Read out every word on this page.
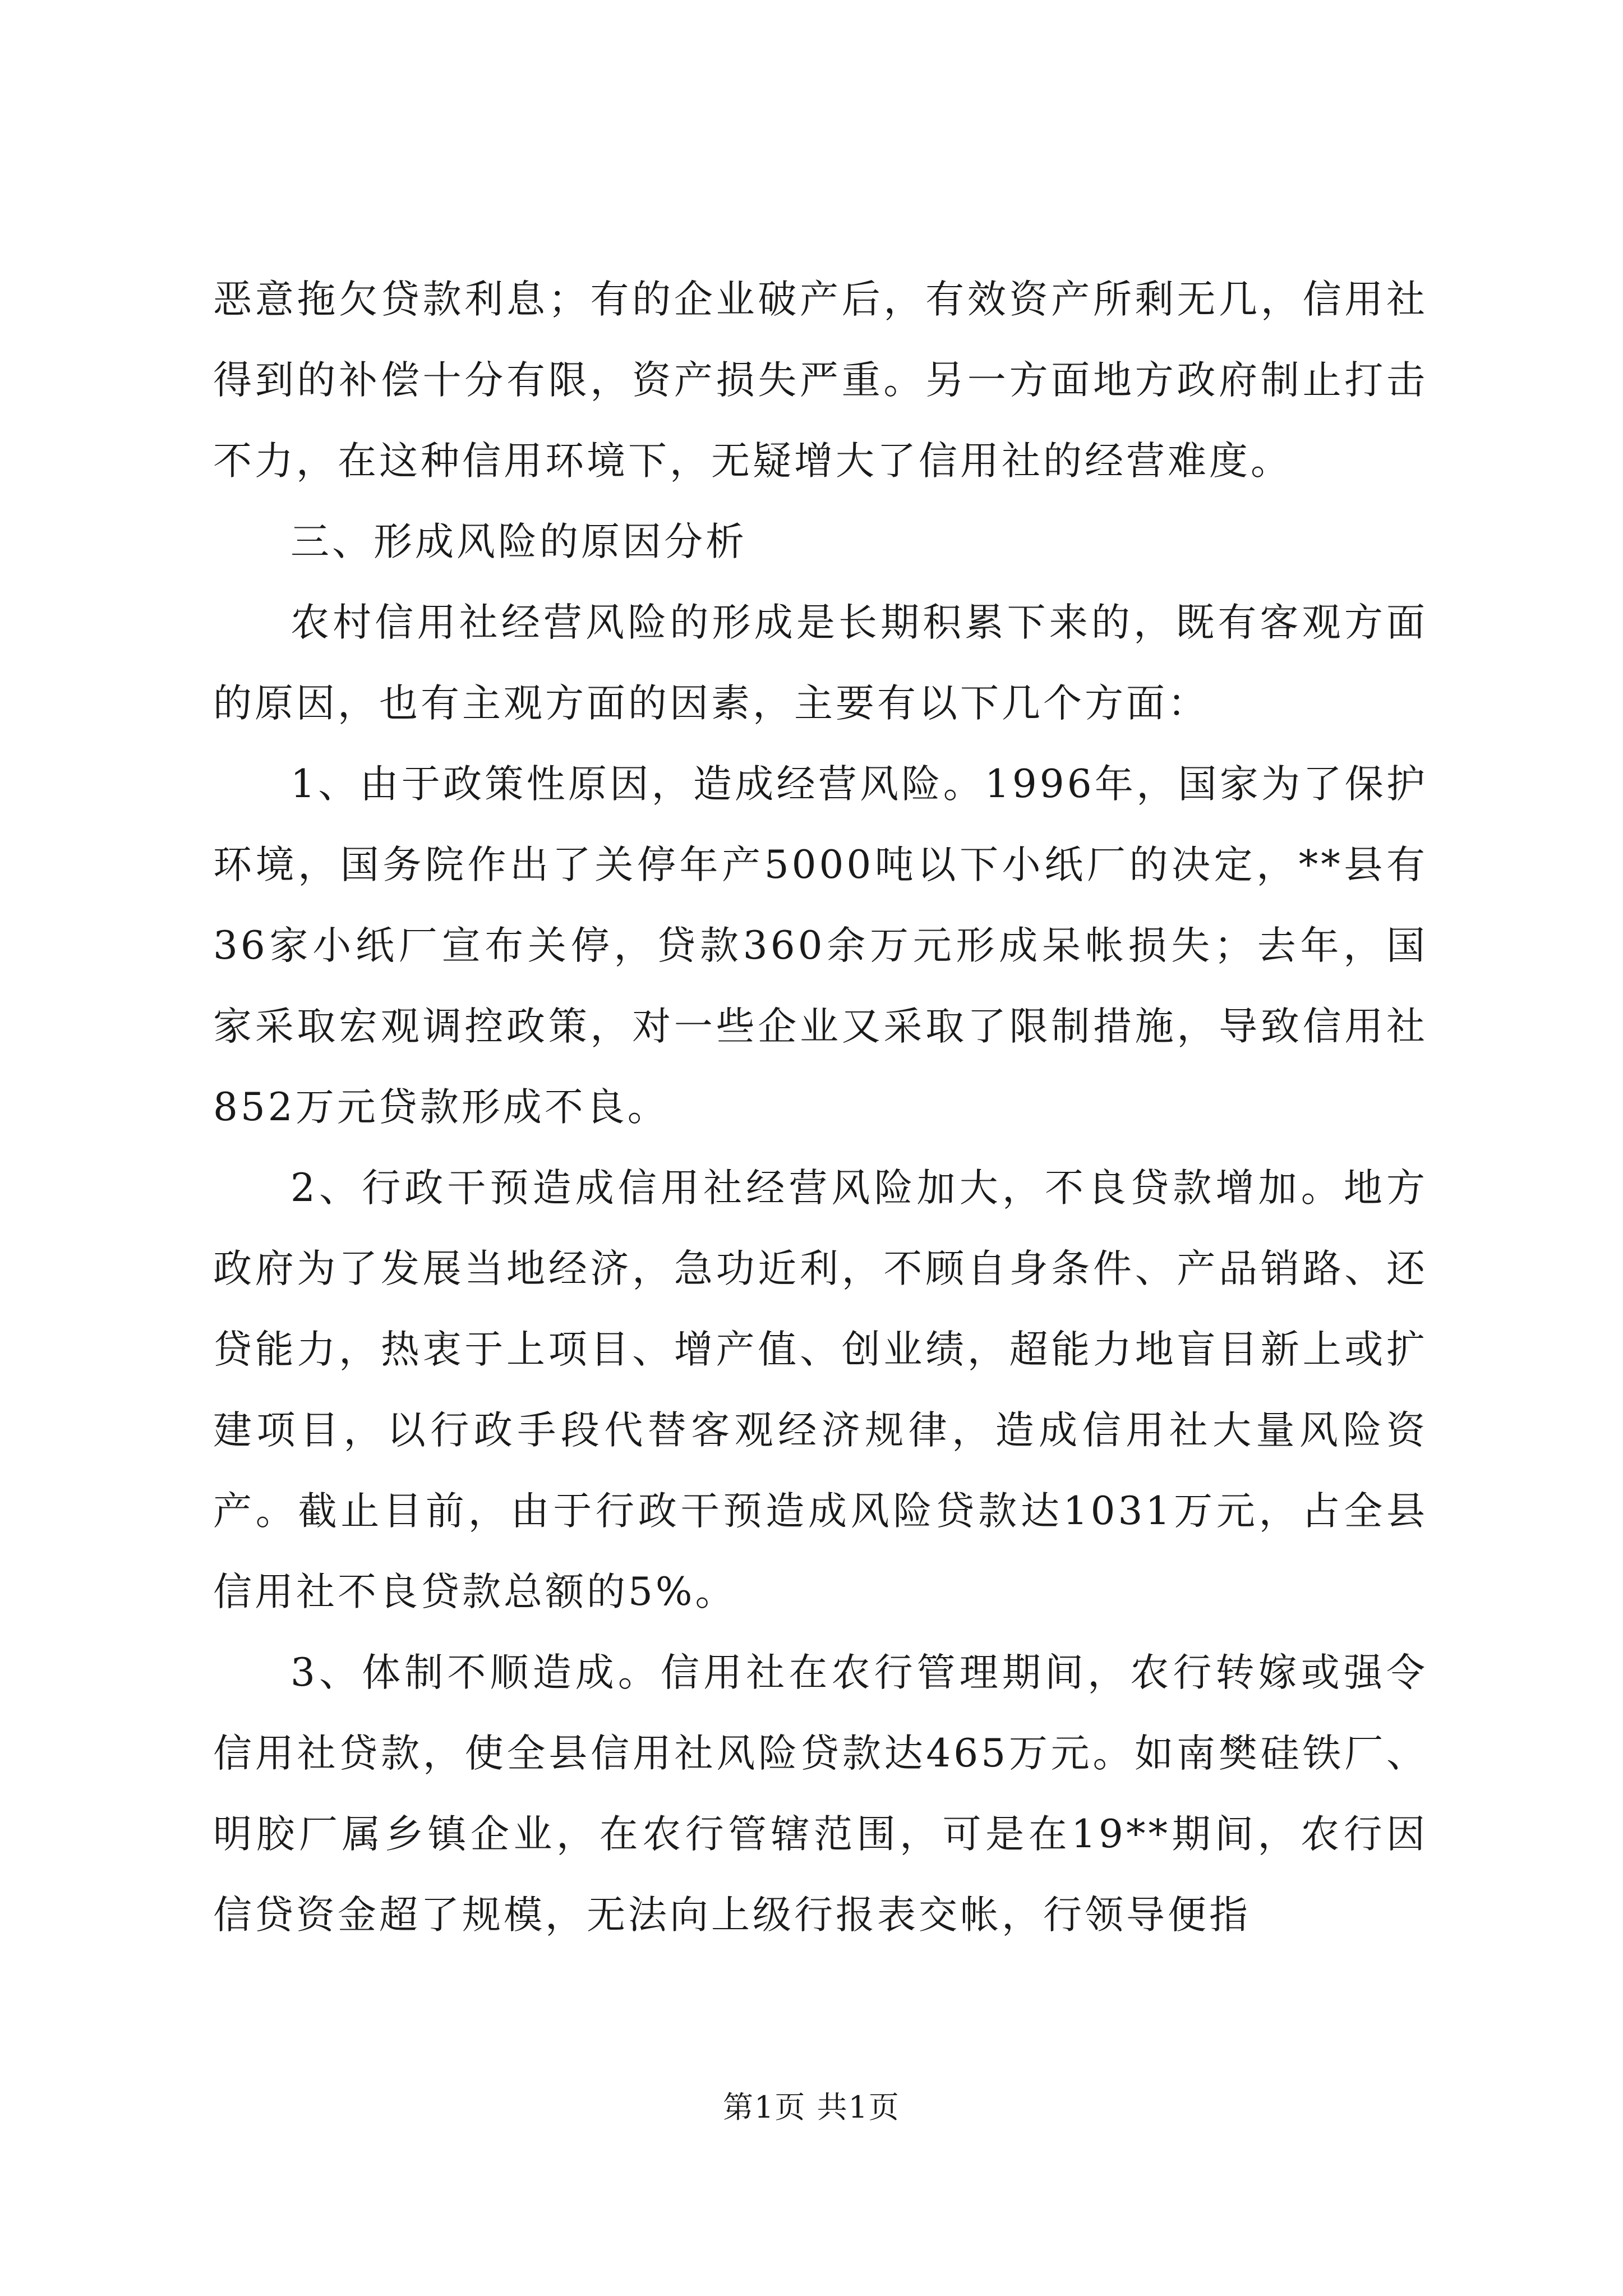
恶意拖欠贷款利息；有的企业破产后，有效资产所剩无几，信用社得到的补偿十分有限，资产损失严重。另一方面地方政府制止打击不力，在这种信用环境下，无疑增大了信用社的经营难度。

三、形成风险的原因分析

农村信用社经营风险的形成是长期积累下来的，既有客观方面的原因，也有主观方面的因素，主要有以下几个方面：

1、由于政策性原因，造成经营风险。1996年，国家为了保护环境，国务院作出了关停年产5000吨以下小纸厂的决定，**县有36家小纸厂宣布关停，贷款360余万元形成呆帐损失；去年，国家采取宏观调控政策，对一些企业又采取了限制措施，导致信用社852万元贷款形成不良。

2、行政干预造成信用社经营风险加大，不良贷款增加。地方政府为了发展当地经济，急功近利，不顾自身条件、产品销路、还贷能力，热衷于上项目、增产值、创业绩，超能力地盲目新上或扩建项目，以行政手段代替客观经济规律，造成信用社大量风险资产。截止目前，由于行政干预造成风险贷款达1031万元，占全县信用社不良贷款总额的5%。

3、体制不顺造成。信用社在农行管理期间，农行转嫁或强令信用社贷款，使全县信用社风险贷款达465万元。如南樊硅铁厂、明胶厂属乡镇企业，在农行管辖范围，可是在19**期间，农行因信贷资金超了规模，无法向上级行报表交帐，行领导便指

第1页 共1页
